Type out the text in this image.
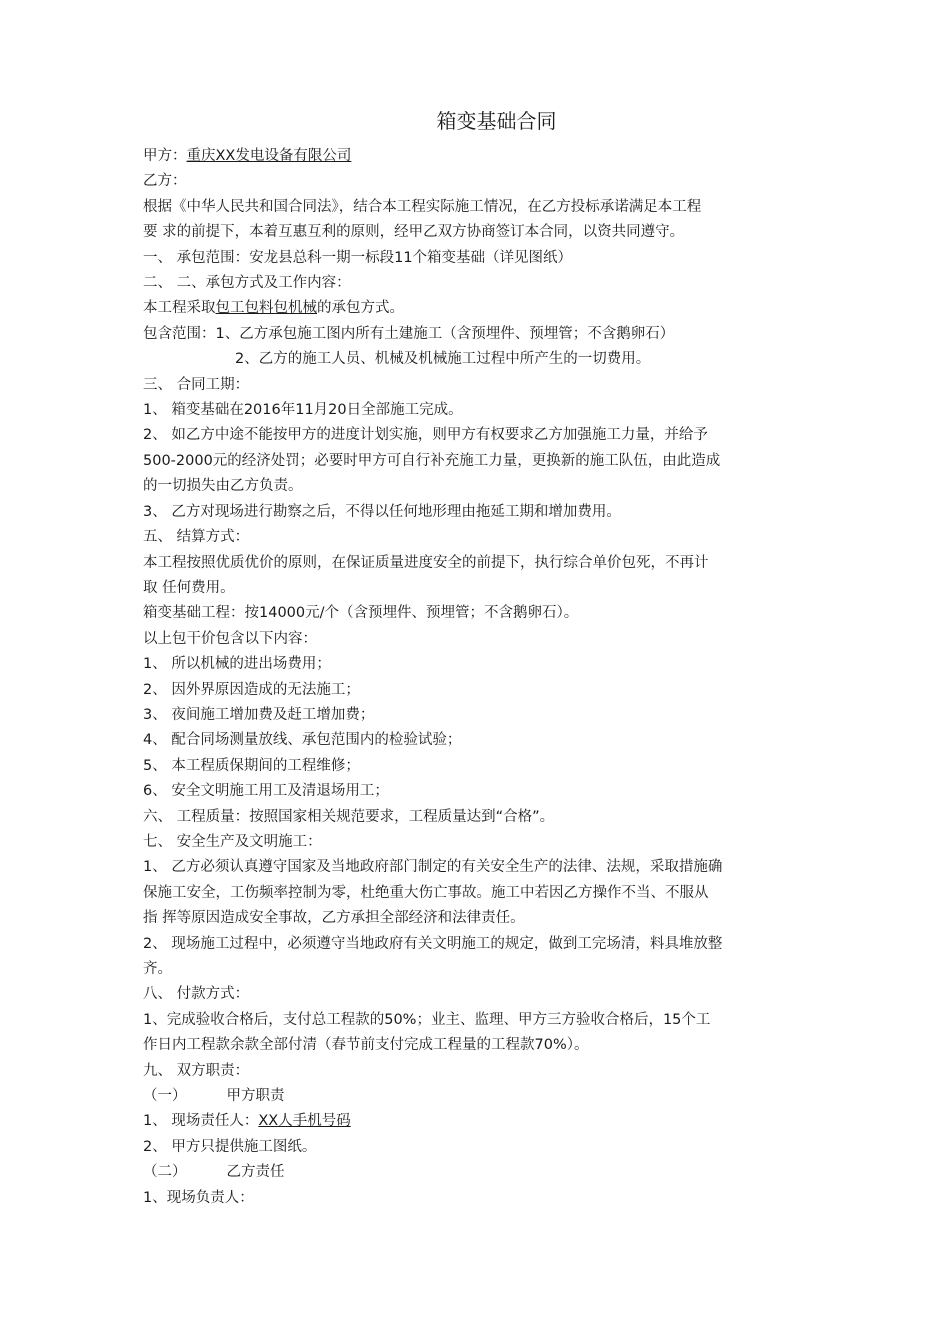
箱变基础合同

甲方：重庆XX发电设备有限公司

乙方：

根据《中华人民共和国合同法》，结合本工程实际施工情况，在乙方投标承诺满足本工程

要 求的前提下，本着互惠互利的原则，经甲乙双方协商签订本合同，以资共同遵守。

一、 承包范围：安龙县总科一期一标段11个箱变基础（详见图纸）

二、 二、承包方式及工作内容：

本工程采取包工包料包机械的承包方式。

包含范围：1、乙方承包施工图内所有土建施工（含预埋件、预埋管；不含鹅卵石）

2、乙方的施工人员、机械及机械施工过程中所产生的一切费用。

三、 合同工期：

1、 箱变基础在2016年11月20日全部施工完成。

2、 如乙方中途不能按甲方的进度计划实施，则甲方有权要求乙方加强施工力量，并给予

500-2000元的经济处罚；必要时甲方可自行补充施工力量，更换新的施工队伍，由此造成

的一切损失由乙方负责。

3、 乙方对现场进行勘察之后，不得以任何地形理由拖延工期和增加费用。

五、 结算方式：

本工程按照优质优价的原则，在保证质量进度安全的前提下，执行综合单价包死，不再计

取 任何费用。

箱变基础工程：按14000元/个（含预埋件、预埋管；不含鹅卵石）。

以上包干价包含以下内容：

1、 所以机械的进出场费用；

2、 因外界原因造成的无法施工；

3、 夜间施工增加费及赶工增加费；

4、 配合同场测量放线、承包范围内的检验试验；

5、 本工程质保期间的工程维修；

6、 安全文明施工用工及清退场用工；

六、 工程质量：按照国家相关规范要求，工程质量达到“合格”。

七、 安全生产及文明施工：

1、 乙方必须认真遵守国家及当地政府部门制定的有关安全生产的法律、法规，采取措施确

保施工安全，工伤频率控制为零，杜绝重大伤亡事故。施工中若因乙方操作不当、不服从

指 挥等原因造成安全事故，乙方承担全部经济和法律责任。

2、 现场施工过程中，必须遵守当地政府有关文明施工的规定，做到工完场清，料具堆放整

齐。

八、 付款方式：

1、完成验收合格后，支付总工程款的50%；业主、监理、甲方三方验收合格后，15个工

作日内工程款余款全部付清（春节前支付完成工程量的工程款70%）。

九、 双方职责：

（一）	甲方职责

1、 现场责任人：XX人手机号码

2、 甲方只提供施工图纸。

（二）	乙方责任

1、现场负责人：
